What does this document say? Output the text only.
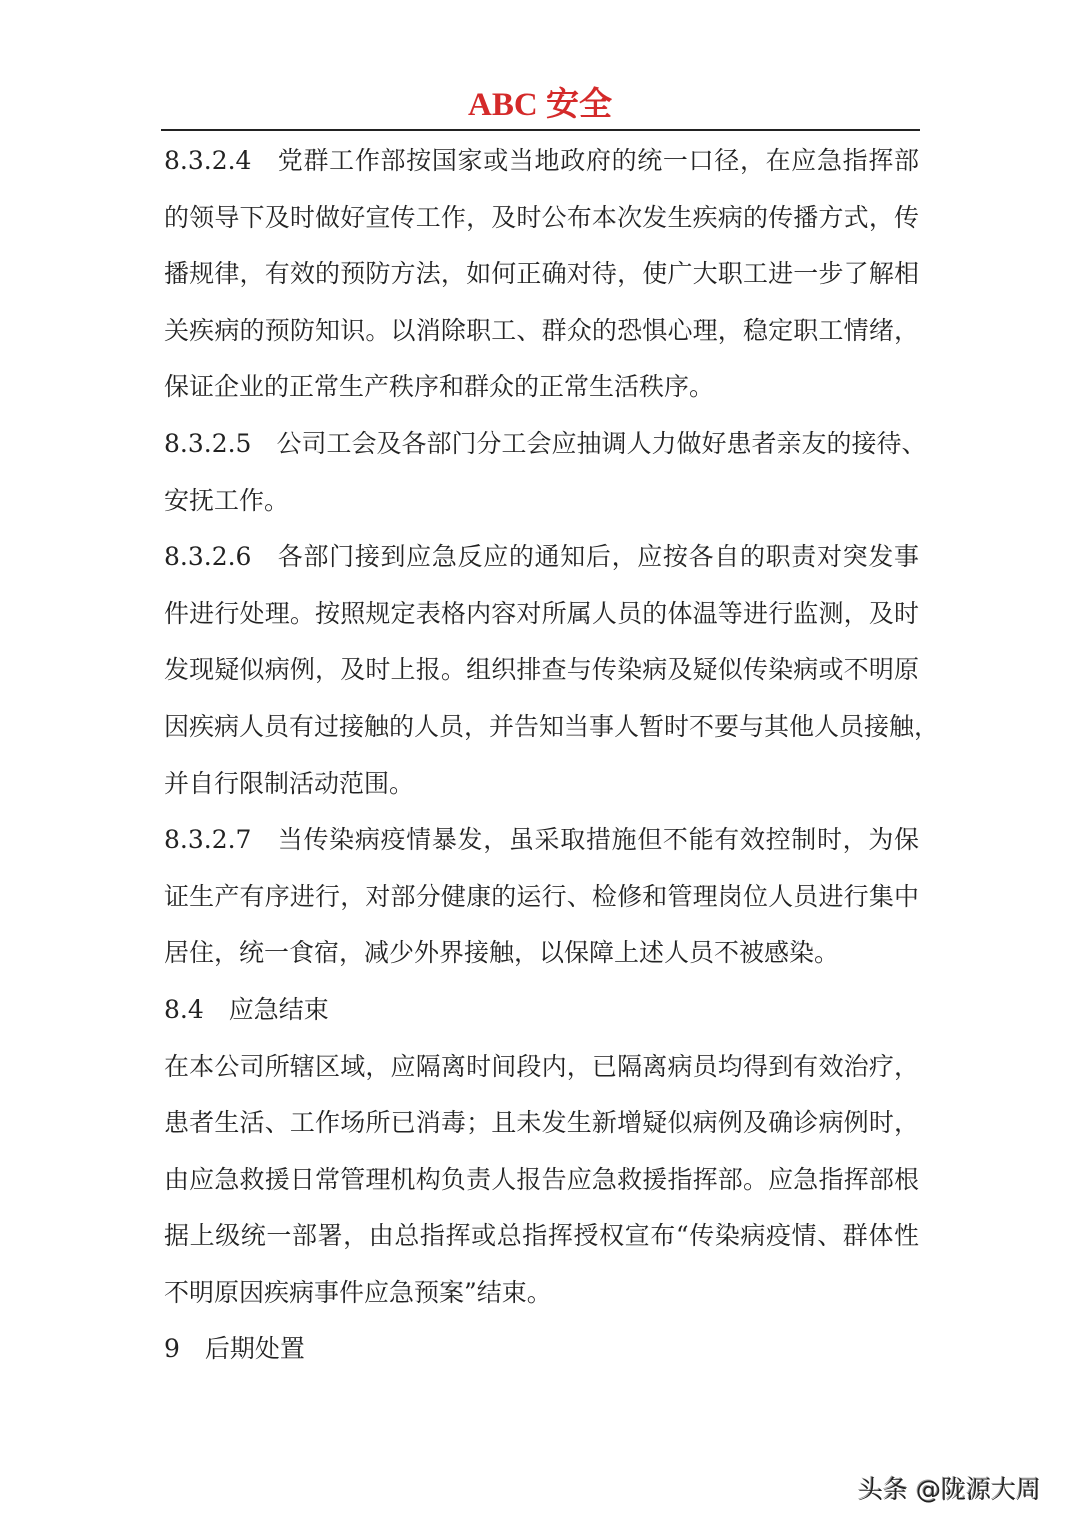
ABC 安全
8.3.2.4　党群工作部按国家或当地政府的统一口径，在应急指挥部
的领导下及时做好宣传工作，及时公布本次发生疾病的传播方式，传
播规律，有效的预防方法，如何正确对待，使广大职工进一步了解相
关疾病的预防知识。以消除职工、群众的恐惧心理，稳定职工情绪，
保证企业的正常生产秩序和群众的正常生活秩序。
8.3.2.5　公司工会及各部门分工会应抽调人力做好患者亲友的接待、
安抚工作。
8.3.2.6　各部门接到应急反应的通知后，应按各自的职责对突发事
件进行处理。按照规定表格内容对所属人员的体温等进行监测，及时
发现疑似病例，及时上报。组织排查与传染病及疑似传染病或不明原
因疾病人员有过接触的人员，并告知当事人暂时不要与其他人员接触，
并自行限制活动范围。
8.3.2.7　当传染病疫情暴发，虽采取措施但不能有效控制时，为保
证生产有序进行，对部分健康的运行、检修和管理岗位人员进行集中
居住，统一食宿，减少外界接触，以保障上述人员不被感染。
8.4　应急结束
在本公司所辖区域，应隔离时间段内，已隔离病员均得到有效治疗，
患者生活、工作场所已消毒；且未发生新增疑似病例及确诊病例时，
由应急救援日常管理机构负责人报告应急救援指挥部。应急指挥部根
据上级统一部署，由总指挥或总指挥授权宣布“传染病疫情、群体性
不明原因疾病事件应急预案”结束。
9　后期处置
头条 @陇源大周
